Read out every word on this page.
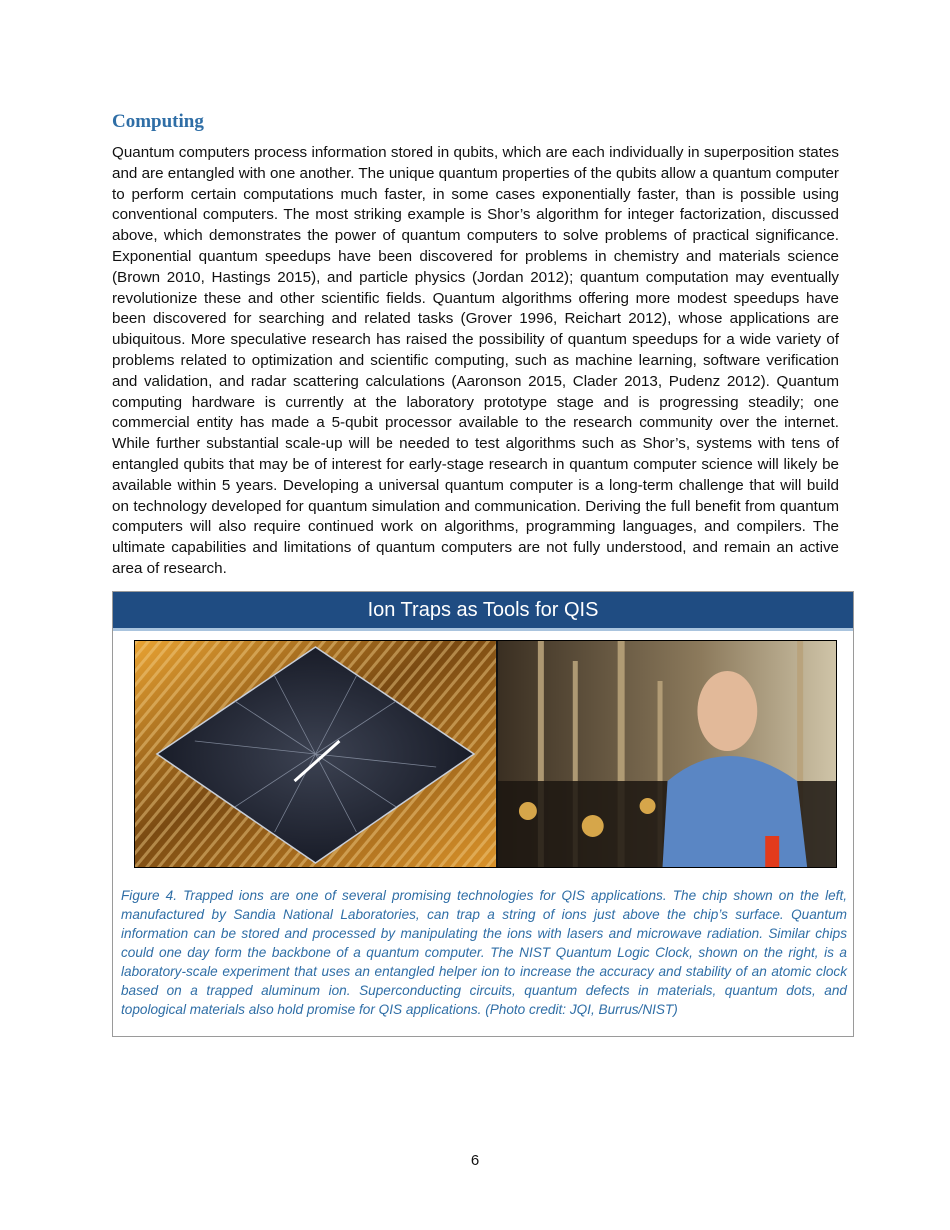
Computing

Quantum computers process information stored in qubits, which are each individually in superposition states and are entangled with one another. The unique quantum properties of the qubits allow a quantum computer to perform certain computations much faster, in some cases exponentially faster, than is possible using conventional computers. The most striking example is Shor’s algorithm for integer factorization, discussed above, which demonstrates the power of quantum computers to solve problems of practical significance. Exponential quantum speedups have been discovered for problems in chemistry and materials science (Brown 2010, Hastings 2015), and particle physics (Jordan 2012); quantum computation may eventually revolutionize these and other scientific fields. Quantum algorithms offering more modest speedups have been discovered for searching and related tasks (Grover 1996, Reichart 2012), whose applications are ubiquitous. More speculative research has raised the possibility of quantum speedups for a wide variety of problems related to optimization and scientific computing, such as machine learning, software verification and validation, and radar scattering calculations (Aaronson 2015, Clader 2013, Pudenz 2012). Quantum computing hardware is currently at the laboratory prototype stage and is progressing steadily; one commercial entity has made a 5-qubit processor available to the research community over the internet. While further substantial scale-up will be needed to test algorithms such as Shor’s, systems with tens of entangled qubits that may be of interest for early-stage research in quantum computer science will likely be available within 5 years. Developing a universal quantum computer is a long-term challenge that will build on technology developed for quantum simulation and communication. Deriving the full benefit from quantum computers will also require continued work on algorithms, programming languages, and compilers. The ultimate capabilities and limitations of quantum computers are not fully understood, and remain an active area of research.

Ion Traps as Tools for QIS

Figure 4. Trapped ions are one of several promising technologies for QIS applications. The chip shown on the left, manufactured by Sandia National Laboratories, can trap a string of ions just above the chip’s surface. Quantum information can be stored and processed by manipulating the ions with lasers and microwave radiation. Similar chips could one day form the backbone of a quantum computer. The NIST Quantum Logic Clock, shown on the right, is a laboratory-scale experiment that uses an entangled helper ion to increase the accuracy and stability of an atomic clock based on a trapped aluminum ion. Superconducting circuits, quantum defects in materials, quantum dots, and topological materials also hold promise for QIS applications. (Photo credit: JQI, Burrus/NIST)

6
